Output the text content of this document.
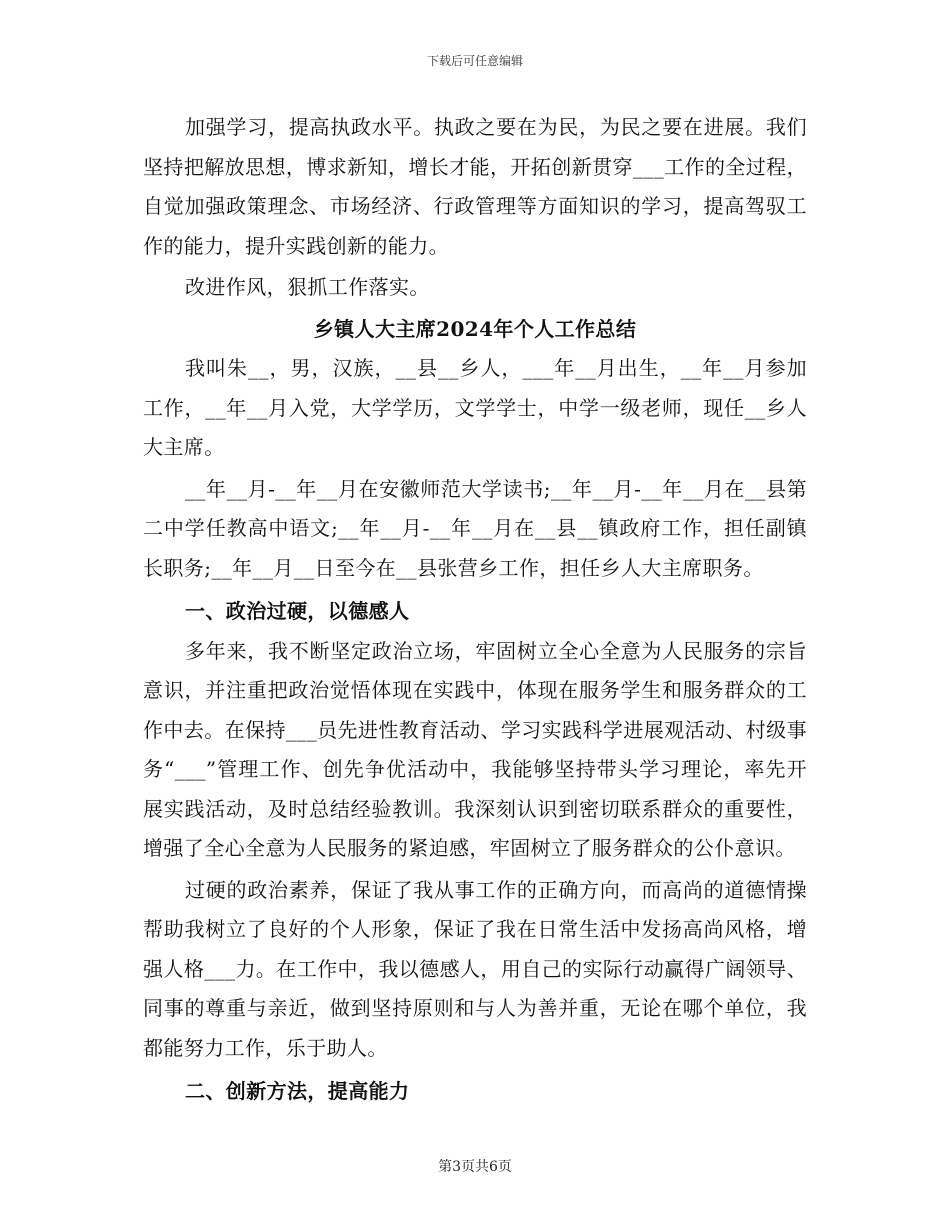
下载后可任意编辑

加强学习，提高执政水平。执政之要在为民，为民之要在进展。我们坚持把解放思想，博求新知，增长才能，开拓创新贯穿___工作的全过程，自觉加强政策理念、市场经济、行政管理等方面知识的学习，提高驾驭工作的能力，提升实践创新的能力。

改进作风，狠抓工作落实。

乡镇人大主席2024年个人工作总结

我叫朱__，男，汉族，__县__乡人，___年__月出生，__年__月参加工作，__年__月入党，大学学历，文学学士，中学一级老师，现任__乡人大主席。

__年__月-__年__月在安徽师范大学读书;__年__月-__年__月在__县第二中学任教高中语文;__年__月-__年__月在__县__镇政府工作，担任副镇长职务;__年__月__日至今在__县张营乡工作，担任乡人大主席职务。

一、政治过硬，以德感人

多年来，我不断坚定政治立场，牢固树立全心全意为人民服务的宗旨意识，并注重把政治觉悟体现在实践中，体现在服务学生和服务群众的工作中去。在保持___员先进性教育活动、学习实践科学进展观活动、村级事务“___”管理工作、创先争优活动中，我能够坚持带头学习理论，率先开展实践活动，及时总结经验教训。我深刻认识到密切联系群众的重要性，增强了全心全意为人民服务的紧迫感，牢固树立了服务群众的公仆意识。

过硬的政治素养，保证了我从事工作的正确方向，而高尚的道德情操帮助我树立了良好的个人形象，保证了我在日常生活中发扬高尚风格，增强人格___力。在工作中，我以德感人，用自己的实际行动赢得广阔领导、同事的尊重与亲近，做到坚持原则和与人为善并重，无论在哪个单位，我都能努力工作，乐于助人。

二、创新方法，提高能力
第3页共6页
